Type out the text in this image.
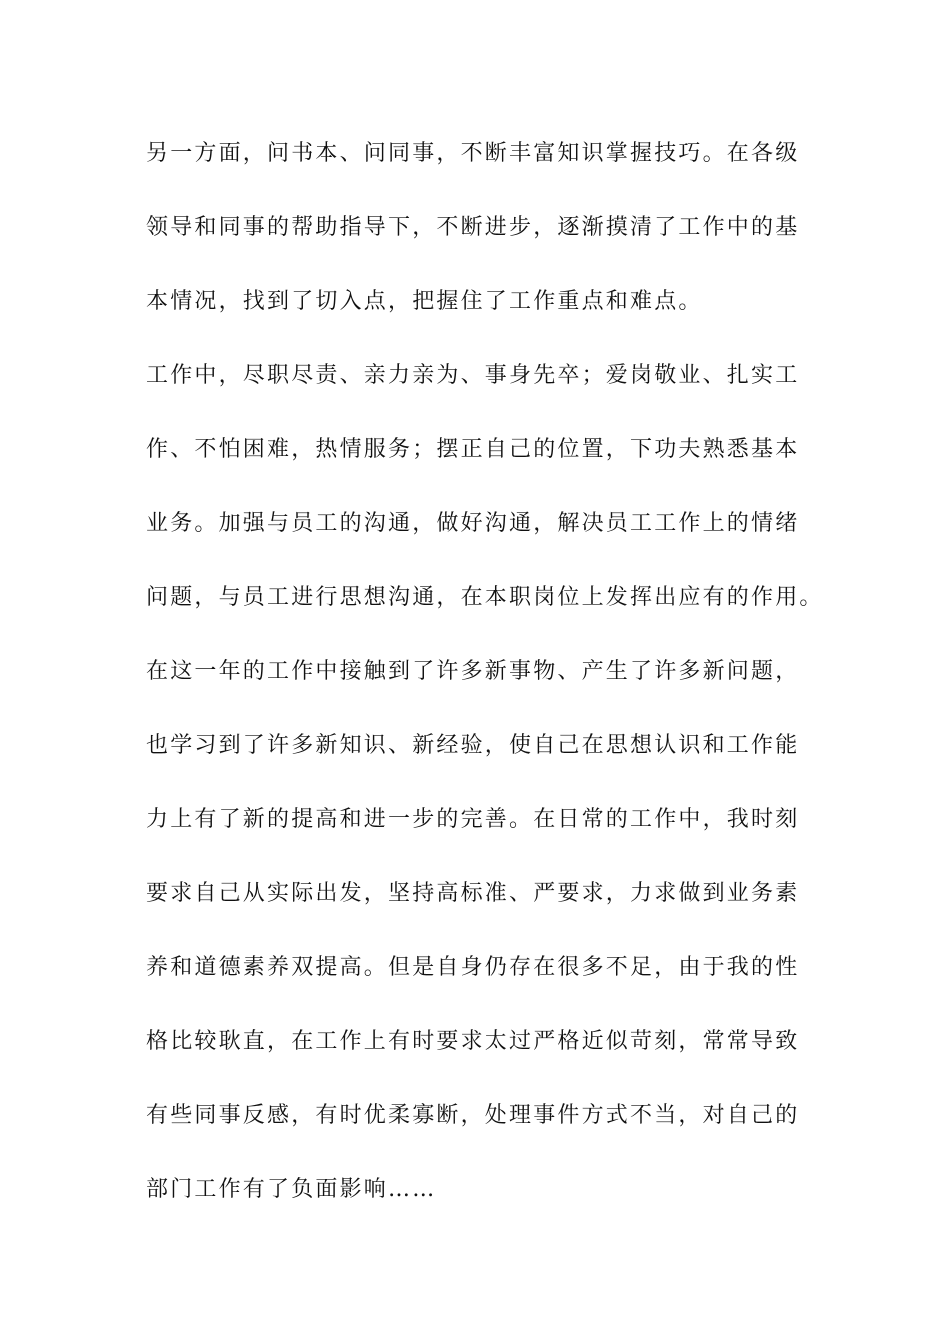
另一方面，问书本、问同事，不断丰富知识掌握技巧。在各级
领导和同事的帮助指导下，不断进步，逐渐摸清了工作中的基
本情况，找到了切入点，把握住了工作重点和难点。
工作中，尽职尽责、亲力亲为、事身先卒；爱岗敬业、扎实工
作、不怕困难，热情服务；摆正自己的位置，下功夫熟悉基本
业务。加强与员工的沟通，做好沟通，解决员工工作上的情绪
问题，与员工进行思想沟通，在本职岗位上发挥出应有的作用。
在这一年的工作中接触到了许多新事物、产生了许多新问题，
也学习到了许多新知识、新经验，使自己在思想认识和工作能
力上有了新的提高和进一步的完善。在日常的工作中，我时刻
要求自己从实际出发，坚持高标准、严要求，力求做到业务素
养和道德素养双提高。但是自身仍存在很多不足，由于我的性
格比较耿直，在工作上有时要求太过严格近似苛刻，常常导致
有些同事反感，有时优柔寡断，处理事件方式不当，对自己的
部门工作有了负面影响……
